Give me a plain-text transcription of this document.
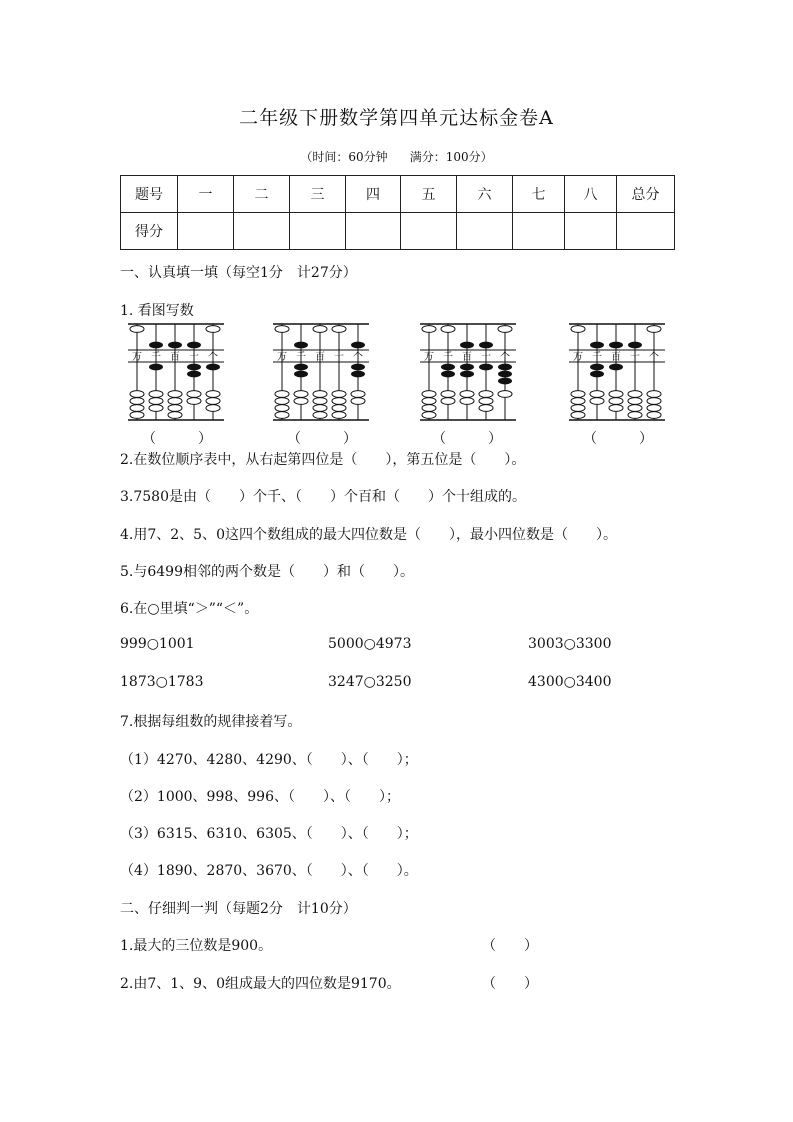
二年级下册数学第四单元达标金卷A
（时间：60分钟 满分：100分）
题号	一	二	三	四	五	六	七	八	总分
得分									
一、认真填一填（每空1分　计27分）
1. 看图写数
万 千 百 十 个	万 千 百 十 个	万 千 百 十 个	万 千 百 十 个
（　　　）	（　　　）	（　　　）	（　　　）
2.在数位顺序表中，从右起第四位是（　　），第五位是（　　）。
3.7580是由（　　）个千、（　　）个百和（　　）个十组成的。
4.用7、2、5、0这四个数组成的最大四位数是（　　），最小四位数是（　　）。
5.与6499相邻的两个数是（　　）和（　　）。
6.在○里填“＞”“＜”。
999○1001	5000○4973	3003○3300
1873○1783	3247○3250	4300○3400
7.根据每组数的规律接着写。
（1）4270、4280、4290、（　　）、（　　）；
（2）1000、998、996、（　　）、（　　）；
（3）6315、6310、6305、（　　）、（　　）；
（4）1890、2870、3670、（　　）、（　　）。
二、仔细判一判（每题2分　计10分）
1.最大的三位数是900。	（　　）
2.由7、1、9、0组成最大的四位数是9170。	（　　）
